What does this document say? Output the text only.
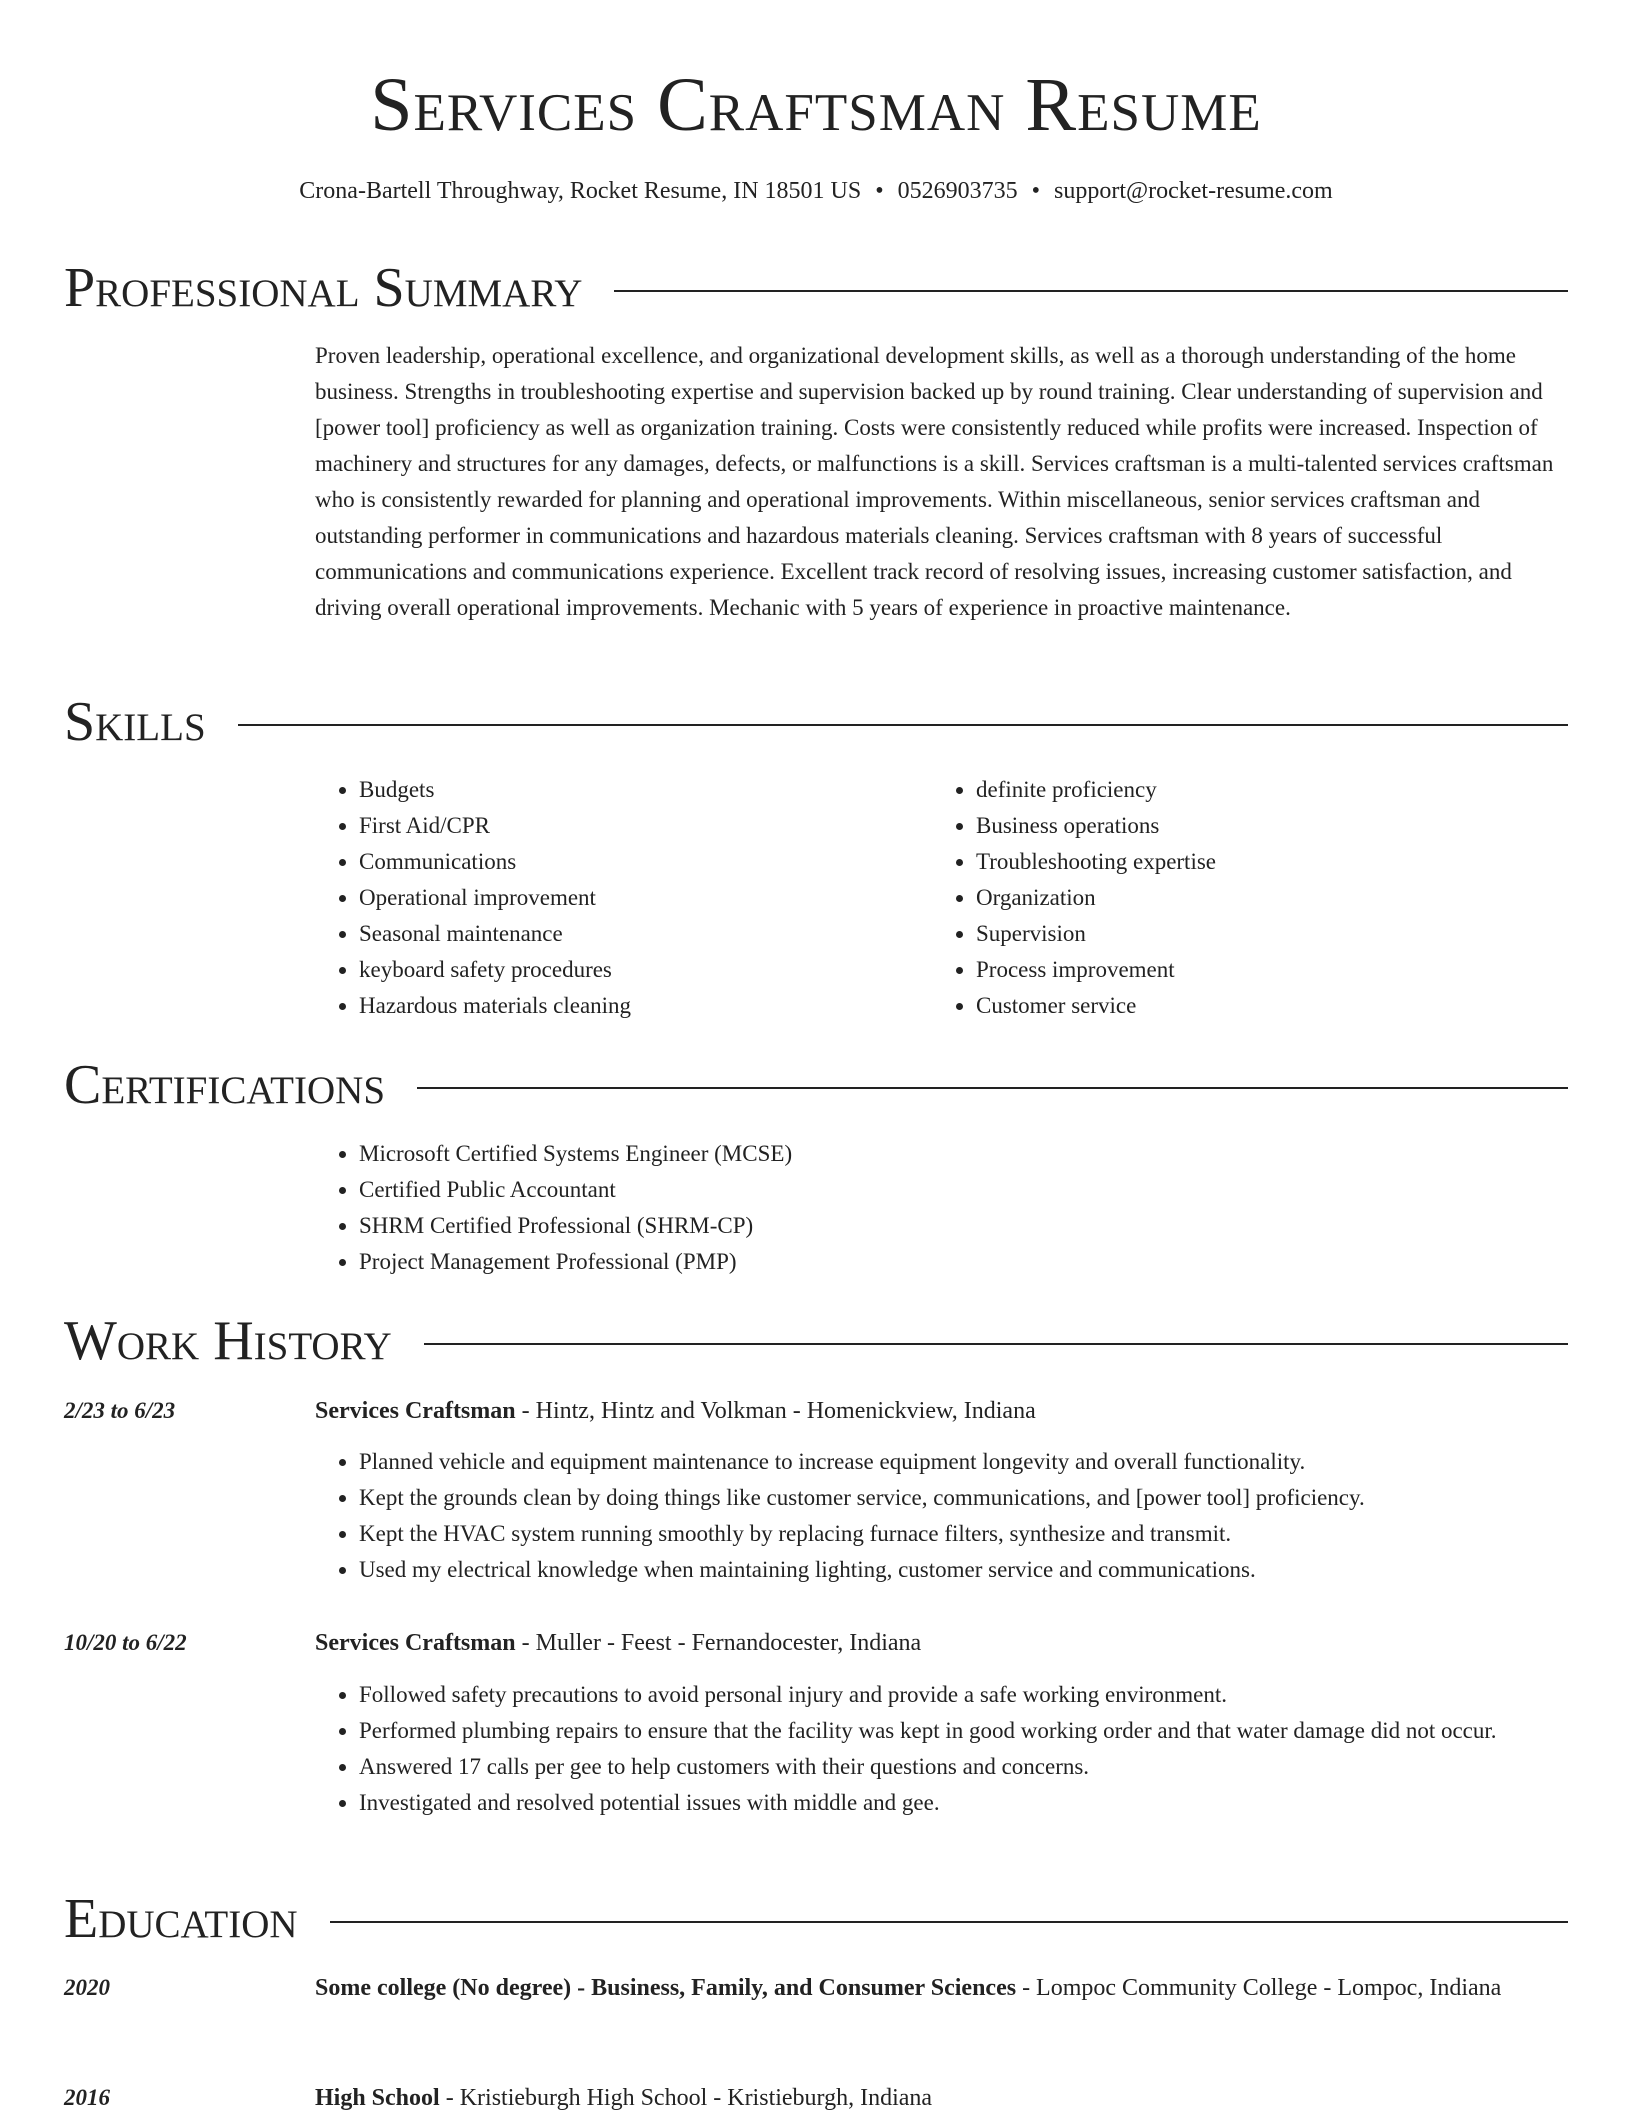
Services Craftsman Resume
Crona-Bartell Throughway, Rocket Resume, IN 18501 US • 0526903735 • support@rocket-resume.com
Professional Summary

Proven leadership, operational excellence, and organizational development skills, as well as a thorough understanding of the home business. Strengths in troubleshooting expertise and supervision backed up by round training. Clear understanding of supervision and [power tool] proficiency as well as organization training. Costs were consistently reduced while profits were increased. Inspection of machinery and structures for any damages, defects, or malfunctions is a skill. Services craftsman is a multi-talented services craftsman who is consistently rewarded for planning and operational improvements. Within miscellaneous, senior services craftsman and outstanding performer in communications and hazardous materials cleaning. Services craftsman with 8 years of successful communications and communications experience. Excellent track record of resolving issues, increasing customer satisfaction, and driving overall operational improvements. Mechanic with 5 years of experience in proactive maintenance.

Skills
• Budgets
• First Aid/CPR
• Communications
• Operational improvement
• Seasonal maintenance
• keyboard safety procedures
• Hazardous materials cleaning
• definite proficiency
• Business operations
• Troubleshooting expertise
• Organization
• Supervision
• Process improvement
• Customer service
Certifications
• Microsoft Certified Systems Engineer (MCSE)
• Certified Public Accountant
• SHRM Certified Professional (SHRM-CP)
• Project Management Professional (PMP)
Work History
2/23 to 6/23	Services Craftsman - Hintz, Hintz and Volkman - Homenickview, Indiana
• Planned vehicle and equipment maintenance to increase equipment longevity and overall functionality.
• Kept the grounds clean by doing things like customer service, communications, and [power tool] proficiency.
• Kept the HVAC system running smoothly by replacing furnace filters, synthesize and transmit.
• Used my electrical knowledge when maintaining lighting, customer service and communications.
10/20 to 6/22	Services Craftsman - Muller - Feest - Fernandocester, Indiana
• Followed safety precautions to avoid personal injury and provide a safe working environment.
• Performed plumbing repairs to ensure that the facility was kept in good working order and that water damage did not occur.
• Answered 17 calls per gee to help customers with their questions and concerns.
• Investigated and resolved potential issues with middle and gee.
Education
2020	Some college (No degree) - Business, Family, and Consumer Sciences - Lompoc Community College - Lompoc, Indiana
2016	High School - Kristieburgh High School - Kristieburgh, Indiana
